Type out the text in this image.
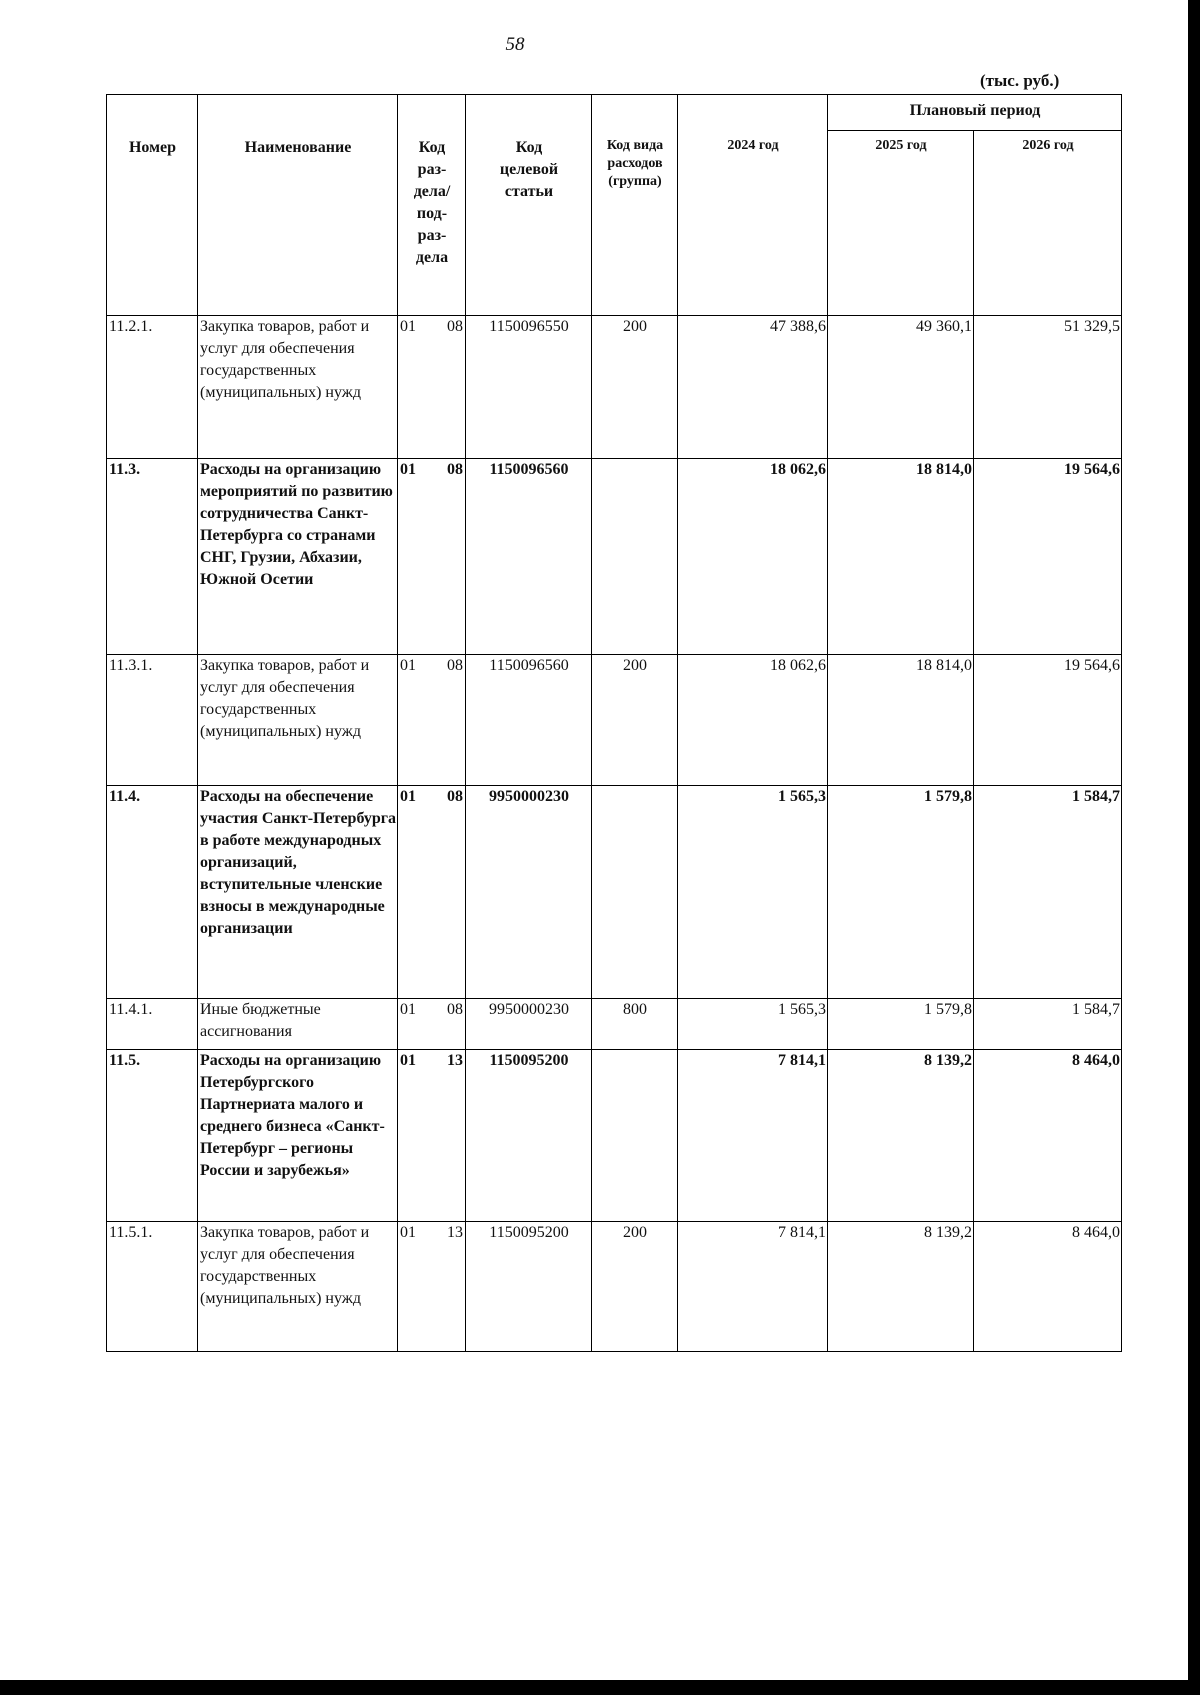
58
(тыс. руб.)
Номер	Наименование	Код раз-дела/ под-раз-дела	Код целевой статьи	Код вида расходов (группа)	2024 год	Плановый период	
						2025 год	2026 год
11.2.1.	Закупка товаров, работ и услуг для обеспечения государственных (муниципальных) нужд	01 08	1150096550	200	47 388,6	49 360,1	51 329,5
11.3.	Расходы на организацию мероприятий по развитию сотрудничества Санкт-Петербурга со странами СНГ, Грузии, Абхазии, Южной Осетии	01 08	1150096560		18 062,6	18 814,0	19 564,6
11.3.1.	Закупка товаров, работ и услуг для обеспечения государственных (муниципальных) нужд	01 08	1150096560	200	18 062,6	18 814,0	19 564,6
11.4.	Расходы на обеспечение участия Санкт-Петербурга в работе международных организаций, вступительные членские взносы в международные организации	01 08	9950000230		1 565,3	1 579,8	1 584,7
11.4.1.	Иные бюджетные ассигнования	01 08	9950000230	800	1 565,3	1 579,8	1 584,7
11.5.	Расходы на организацию Петербургского Партнериата малого и среднего бизнеса «Санкт-Петербург – регионы России и зарубежья»	01 13	1150095200		7 814,1	8 139,2	8 464,0
11.5.1.	Закупка товаров, работ и услуг для обеспечения государственных (муниципальных) нужд	01 13	1150095200	200	7 814,1	8 139,2	8 464,0
